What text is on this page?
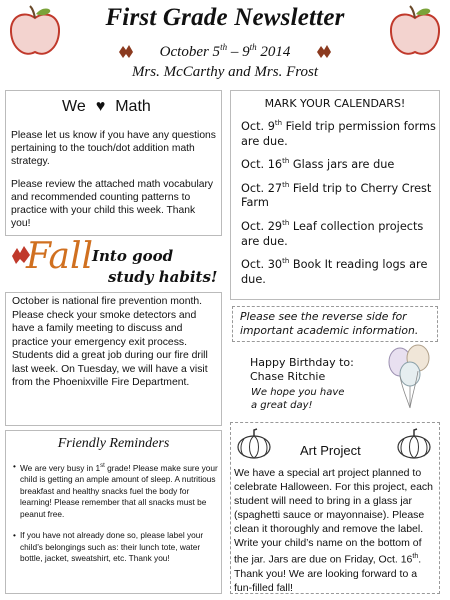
First Grade Newsletter
October 5th – 9th 2014
Mrs. McCarthy and Mrs. Frost
We ♥ Math
Please let us know if you have any questions pertaining to the touch/dot addition math strategy.
Please review the attached math vocabulary and recommended counting patterns to practice with your child this week. Thank you!
MARK YOUR CALENDARS!
Oct. 9th Field trip permission forms are due.
Oct. 16th Glass jars are due
Oct. 27th Field trip to Cherry Crest Farm
Oct. 29th Leaf collection projects are due.
Oct. 30th Book It reading logs are due.
Please see the reverse side for important academic information.
Fall
Into good
study habits!
October is national fire prevention month. Please check your smoke detectors and have a family meeting to discuss and practice your emergency exit process. Students did a great job during our fire drill last week. On Tuesday, we will have a visit from the Phoenixville Fire Department.
Happy Birthday to:
Chase Ritchie
We hope you have
a great day!
Friendly Reminders
• We are very busy in 1st grade! Please make sure your child is getting an ample amount of sleep. A nutritious breakfast and healthy snacks fuel the body for learning! Please remember that all snacks must be peanut free.
• If you have not already done so, please label your child’s belongings such as: their lunch tote, water bottle, jacket, sweatshirt, etc. Thank you!
Art Project
We have a special art project planned to celebrate Halloween. For this project, each student will need to bring in a glass jar (spaghetti sauce or mayonnaise). Please clean it thoroughly and remove the label. Write your child’s name on the bottom of the jar. Jars are due on Friday, Oct. 16th. Thank you! We are looking forward to a fun-filled fall!
